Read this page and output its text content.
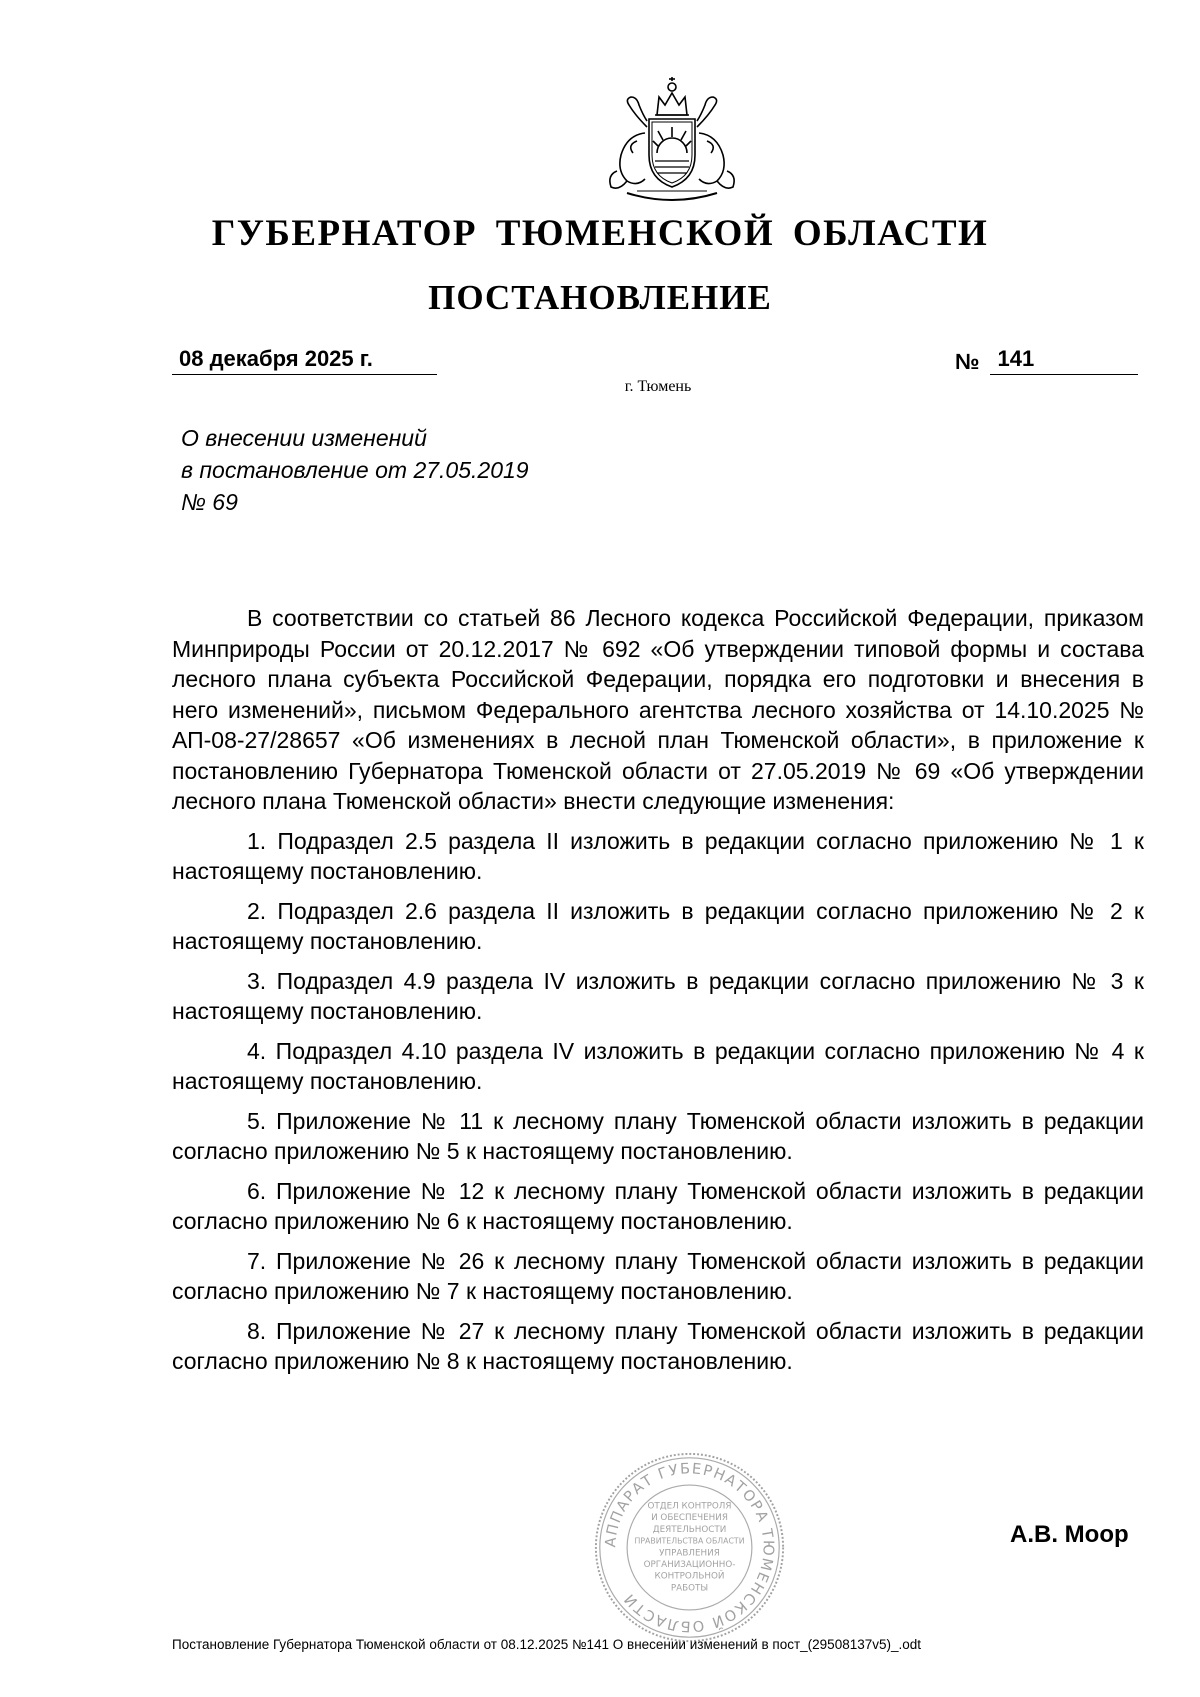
ГУБЕРНАТОР ТЮМЕНСКОЙ ОБЛАСТИ
ПОСТАНОВЛЕНИЕ
08 декабря 2025 г.	№ 141
г. Тюмень
О внесении изменений
в постановление от 27.05.2019
№ 69

В соответствии со статьей 86 Лесного кодекса Российской Федерации, приказом Минприроды России от 20.12.2017 № 692 «Об утверждении типовой формы и состава лесного плана субъекта Российской Федерации, порядка его подготовки и внесения в него изменений», письмом Федерального агентства лесного хозяйства от 14.10.2025 № АП-08-27/28657 «Об изменениях в лесной план Тюменской области», в приложение к постановлению Губернатора Тюменской области от 27.05.2019 № 69 «Об утверждении лесного плана Тюменской области» внести следующие изменения:

1. Подраздел 2.5 раздела II изложить в редакции согласно приложению № 1 к настоящему постановлению.

2. Подраздел 2.6 раздела II изложить в редакции согласно приложению № 2 к настоящему постановлению.

3. Подраздел 4.9 раздела IV изложить в редакции согласно приложению № 3 к настоящему постановлению.

4. Подраздел 4.10 раздела IV изложить в редакции согласно приложению № 4 к настоящему постановлению.

5. Приложение № 11 к лесному плану Тюменской области изложить в редакции согласно приложению № 5 к настоящему постановлению.

6. Приложение № 12 к лесному плану Тюменской области изложить в редакции согласно приложению № 6 к настоящему постановлению.

7. Приложение № 26 к лесному плану Тюменской области изложить в редакции согласно приложению № 7 к настоящему постановлению.

8. Приложение № 27 к лесному плану Тюменской области изложить в редакции согласно приложению № 8 к настоящему постановлению.

АППАРАТ ГУБЕРНАТОРА ТЮМЕНСКОЙ ОБЛАСТИ
ОТДЕЛ КОНТРОЛЯ
И ОБЕСПЕЧЕНИЯ
ДЕЯТЕЛЬНОСТИ
ПРАВИТЕЛЬСТВА ОБЛАСТИ
УПРАВЛЕНИЯ
ОРГАНИЗАЦИОННО-
КОНТРОЛЬНОЙ
РАБОТЫ
А.В. Моор
Постановление Губернатора Тюменской области от 08.12.2025 №141 О внесении изменений в пост_(29508137v5)_.odt
